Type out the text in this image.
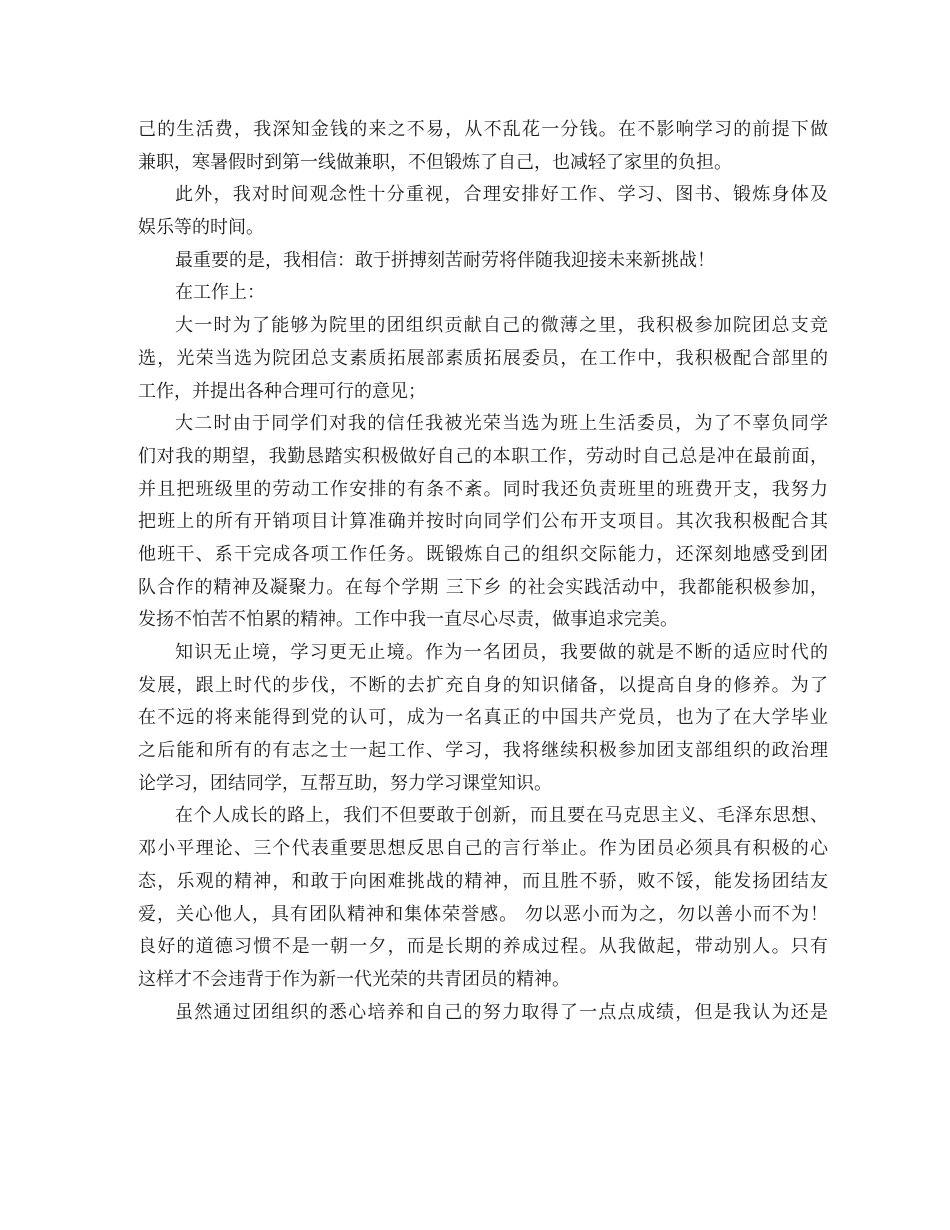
己的生活费，我深知金钱的来之不易，从不乱花一分钱。在不影响学习的前提下做
兼职，寒暑假时到第一线做兼职，不但锻炼了自己，也减轻了家里的负担。
此外，我对时间观念性十分重视，合理安排好工作、学习、图书、锻炼身体及
娱乐等的时间。
最重要的是，我相信：敢于拼搏刻苦耐劳将伴随我迎接未来新挑战！
在工作上：
大一时为了能够为院里的团组织贡献自己的微薄之里，我积极参加院团总支竞
选，光荣当选为院团总支素质拓展部素质拓展委员，在工作中，我积极配合部里的
工作，并提出各种合理可行的意见；
大二时由于同学们对我的信任我被光荣当选为班上生活委员，为了不辜负同学
们对我的期望，我勤恳踏实积极做好自己的本职工作，劳动时自己总是冲在最前面，
并且把班级里的劳动工作安排的有条不紊。同时我还负责班里的班费开支，我努力
把班上的所有开销项目计算准确并按时向同学们公布开支项目。其次我积极配合其
他班干、系干完成各项工作任务。既锻炼自己的组织交际能力，还深刻地感受到团
队合作的精神及凝聚力。在每个学期 三下乡 的社会实践活动中，我都能积极参加，
发扬不怕苦不怕累的精神。工作中我一直尽心尽责，做事追求完美。
知识无止境，学习更无止境。作为一名团员，我要做的就是不断的适应时代的
发展，跟上时代的步伐，不断的去扩充自身的知识储备，以提高自身的修养。为了
在不远的将来能得到党的认可，成为一名真正的中国共产党员，也为了在大学毕业
之后能和所有的有志之士一起工作、学习，我将继续积极参加团支部组织的政治理
论学习，团结同学，互帮互助，努力学习课堂知识。
在个人成长的路上，我们不但要敢于创新，而且要在马克思主义、毛泽东思想、
邓小平理论、三个代表重要思想反思自己的言行举止。作为团员必须具有积极的心
态，乐观的精神，和敢于向困难挑战的精神，而且胜不骄，败不馁，能发扬团结友
爱，关心他人，具有团队精神和集体荣誉感。 勿以恶小而为之，勿以善小而不为！
良好的道德习惯不是一朝一夕，而是长期的养成过程。从我做起，带动别人。只有
这样才不会违背于作为新一代光荣的共青团员的精神。
虽然通过团组织的悉心培养和自己的努力取得了一点点成绩，但是我认为还是
